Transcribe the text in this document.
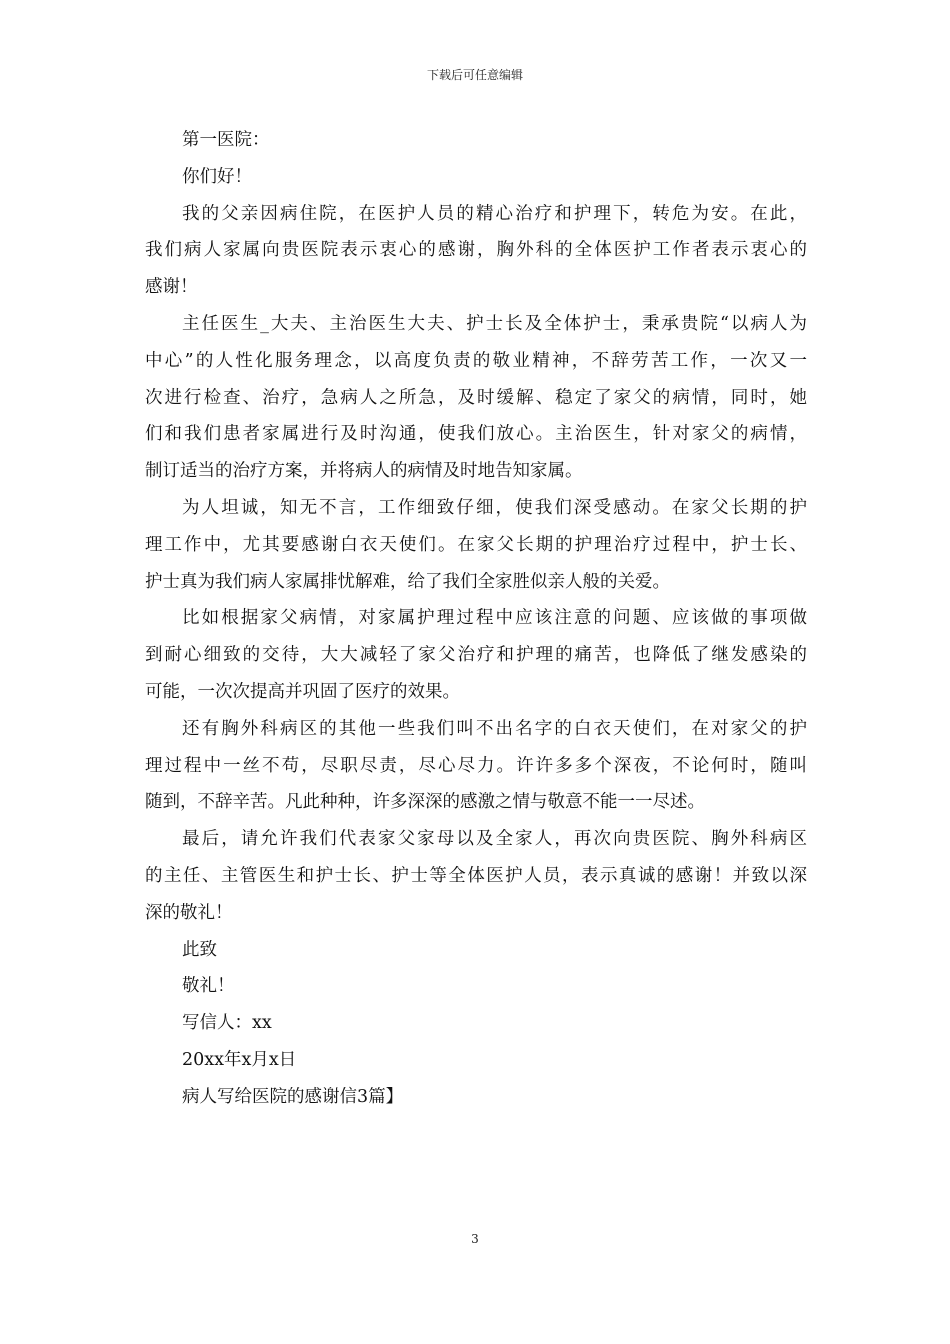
下载后可任意编辑
第一医院：
你们好！
我的父亲因病住院，在医护人员的精心治疗和护理下，转危为安。在此，
我们病人家属向贵医院表示衷心的感谢，胸外科的全体医护工作者表示衷心的
感谢！
主任医生_大夫、主治医生大夫、护士长及全体护士，秉承贵院“以病人为
中心”的人性化服务理念，以高度负责的敬业精神，不辞劳苦工作，一次又一
次进行检查、治疗，急病人之所急，及时缓解、稳定了家父的病情，同时，她
们和我们患者家属进行及时沟通，使我们放心。主治医生，针对家父的病情，
制订适当的治疗方案，并将病人的病情及时地告知家属。
为人坦诚，知无不言，工作细致仔细，使我们深受感动。在家父长期的护
理工作中，尤其要感谢白衣天使们。在家父长期的护理治疗过程中，护士长、
护士真为我们病人家属排忧解难，给了我们全家胜似亲人般的关爱。
比如根据家父病情，对家属护理过程中应该注意的问题、应该做的事项做
到耐心细致的交待，大大减轻了家父治疗和护理的痛苦，也降低了继发感染的
可能，一次次提高并巩固了医疗的效果。
还有胸外科病区的其他一些我们叫不出名字的白衣天使们，在对家父的护
理过程中一丝不苟，尽职尽责，尽心尽力。许许多多个深夜，不论何时，随叫
随到，不辞辛苦。凡此种种，许多深深的感激之情与敬意不能一一尽述。
最后，请允许我们代表家父家母以及全家人，再次向贵医院、胸外科病区
的主任、主管医生和护士长、护士等全体医护人员，表示真诚的感谢！并致以深
深的敬礼！
此致
敬礼！
写信人：xx
20xx年x月x日
病人写给医院的感谢信3篇】
3
